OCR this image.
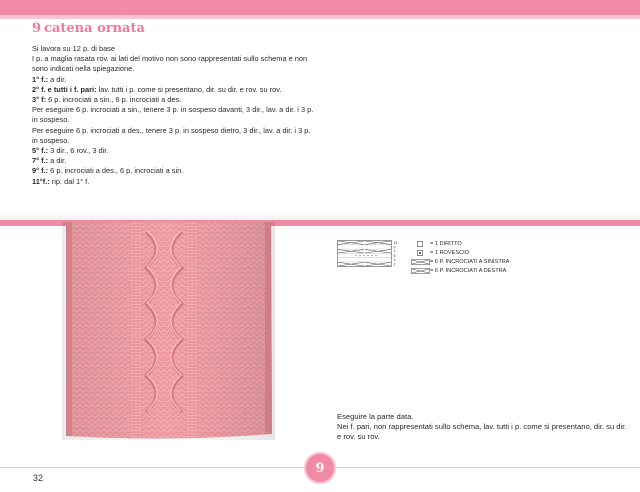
9 catena ornata

Si lavora su 12 p. di base

I p. a maglia rasata rov. ai lati del motivo non sono rappresentati sullo schema e non sono indicati nella spiegazione.

1° f.: a dir.

2° f. e tutti i f. pari: lav. tutti i p. come si presentano, dir. su dir. e rov. su rov.

3° f: 6 p. incrociati a sin., 6 p. incrociati a des.

Per eseguire 6 p. incrociati a sin., tenere 3 p. in sospeso davanti, 3 dir., lav. a dir. i 3 p. in sospeso.

Per eseguire 6 p. incrociati a des., tenere 3 p. in sospeso dietro, 3 dir., lav. a dir. i 3 p. in sospeso.

5° f.: 3 dir., 6 rov., 3 dir.

7° f.: a dir.

9° f.: 6 p. incrociati a des., 6 p. incrociati a sin.

11°f.: rip. dal 1° f.

11
9
7
5
3
1
= 1 DIRITTO
= 1 ROVESCIO
= 6 P. INCROCIATI A SINISTRA
= 6 P. INCROCIATI A DESTRA

Eseguire la parte data.

Nei f. pari, non rappresentati sullo schema, lav. tutti i p. come si presentano, dir. su dir. e rov. su rov.

32
9
